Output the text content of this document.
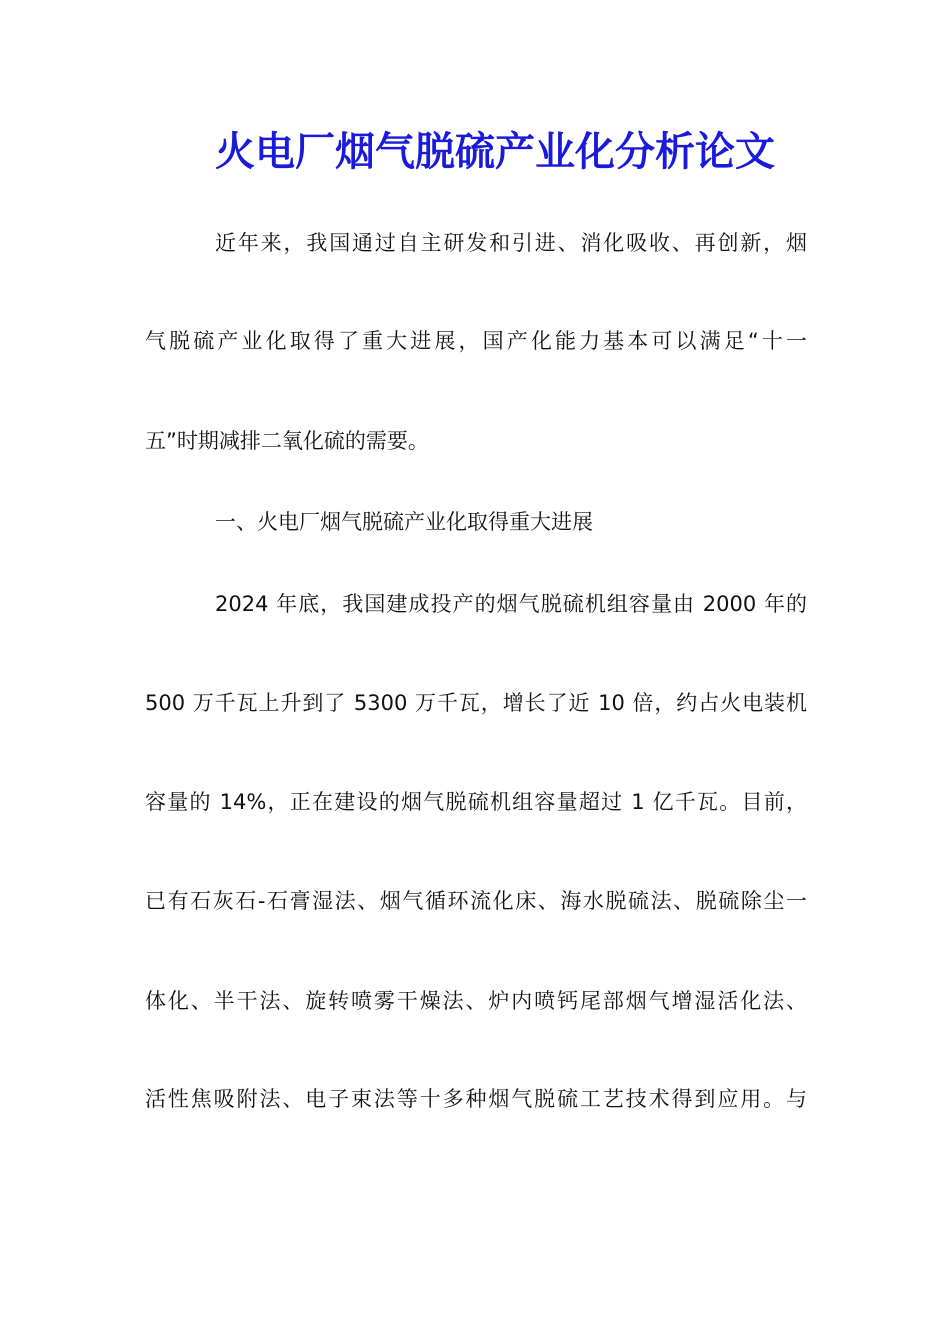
火电厂烟气脱硫产业化分析论文
近年来，我国通过自主研发和引进、消化吸收、再创新，烟
气脱硫产业化取得了重大进展，国产化能力基本可以满足“十一
五”时期减排二氧化硫的需要。
一、火电厂烟气脱硫产业化取得重大进展
2024 年底，我国建成投产的烟气脱硫机组容量由 2000 年的
500 万千瓦上升到了 5300 万千瓦，增长了近 10 倍，约占火电装机
容量的 14%，正在建设的烟气脱硫机组容量超过 1 亿千瓦。目前，
已有石灰石-石膏湿法、烟气循环流化床、海水脱硫法、脱硫除尘一
体化、半干法、旋转喷雾干燥法、炉内喷钙尾部烟气增湿活化法、
活性焦吸附法、电子束法等十多种烟气脱硫工艺技术得到应用。与
